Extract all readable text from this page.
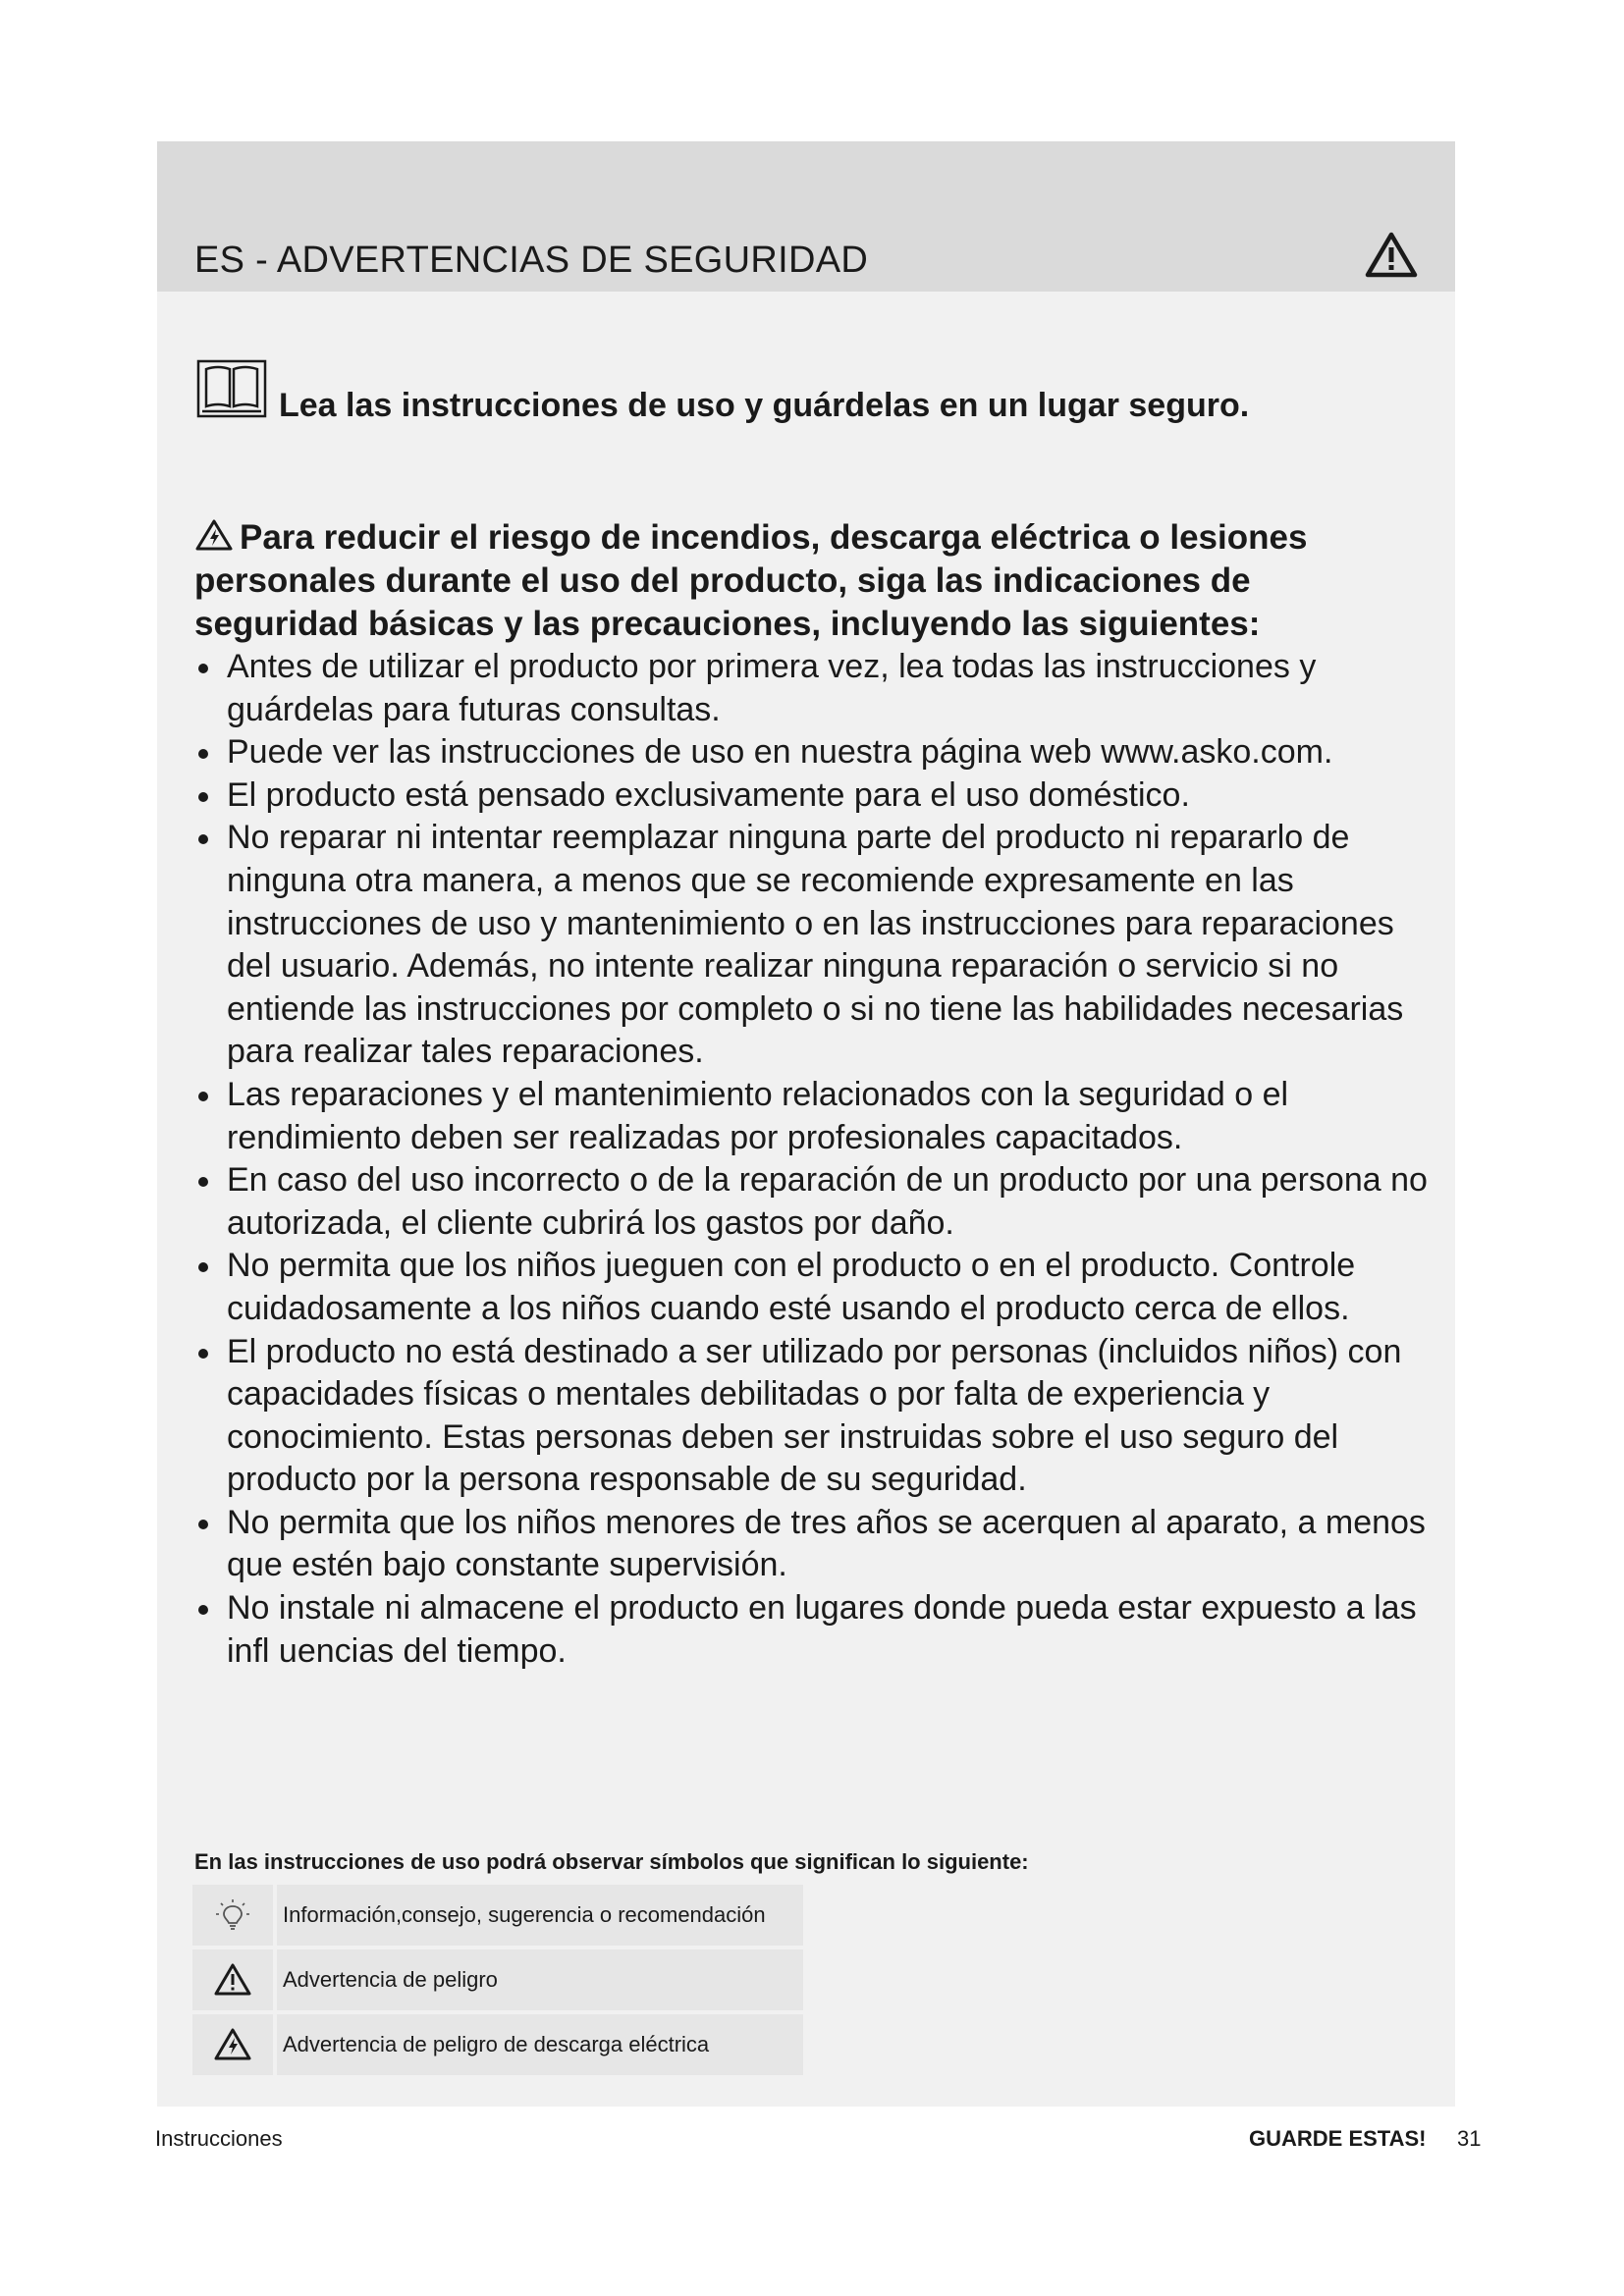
ES - ADVERTENCIAS DE SEGURIDAD
Lea las instrucciones de uso y guárdelas en un lugar seguro.
Para reducir el riesgo de incendios, descarga eléctrica o lesiones personales durante el uso del producto, siga las indicaciones de seguridad básicas y las precauciones, incluyendo las siguientes:
Antes de utilizar el producto por primera vez, lea todas las instrucciones y guárdelas para futuras consultas.
Puede ver las instrucciones de uso en nuestra página web www.asko.com.
El producto está pensado exclusivamente para el uso doméstico.
No reparar ni intentar reemplazar ninguna parte del producto ni repararlo de ninguna otra manera, a menos que se recomiende expresamente en las instrucciones de uso y mantenimiento o en las instrucciones para reparaciones del usuario. Además, no intente realizar ninguna reparación o servicio si no entiende las instrucciones por completo o si no tiene las habilidades necesarias para realizar tales reparaciones.
Las reparaciones y el mantenimiento relacionados con la seguridad o el rendimiento deben ser realizadas por profesionales capacitados.
En caso del uso incorrecto o de la reparación de un producto por una persona no autorizada, el cliente cubrirá los gastos por daño.
No permita que los niños jueguen con el producto o en el producto. Controle cuidadosamente a los niños cuando esté usando el producto cerca de ellos.
El producto no está destinado a ser utilizado por personas (incluidos niños) con capacidades físicas o mentales debilitadas o por falta de experiencia y conocimiento. Estas personas deben ser instruidas sobre el uso seguro del producto por la persona responsable de su seguridad.
No permita que los niños menores de tres años se acerquen al aparato, a menos que estén bajo constante supervisión.
No instale ni almacene el producto en lugares donde pueda estar expuesto a las infl uencias del tiempo.
En las instrucciones de uso podrá observar símbolos que significan lo siguiente:
Información,consejo, sugerencia o recomendación
Advertencia de peligro
Advertencia de peligro de descarga eléctrica
Instrucciones	GUARDE ESTAS! 31
